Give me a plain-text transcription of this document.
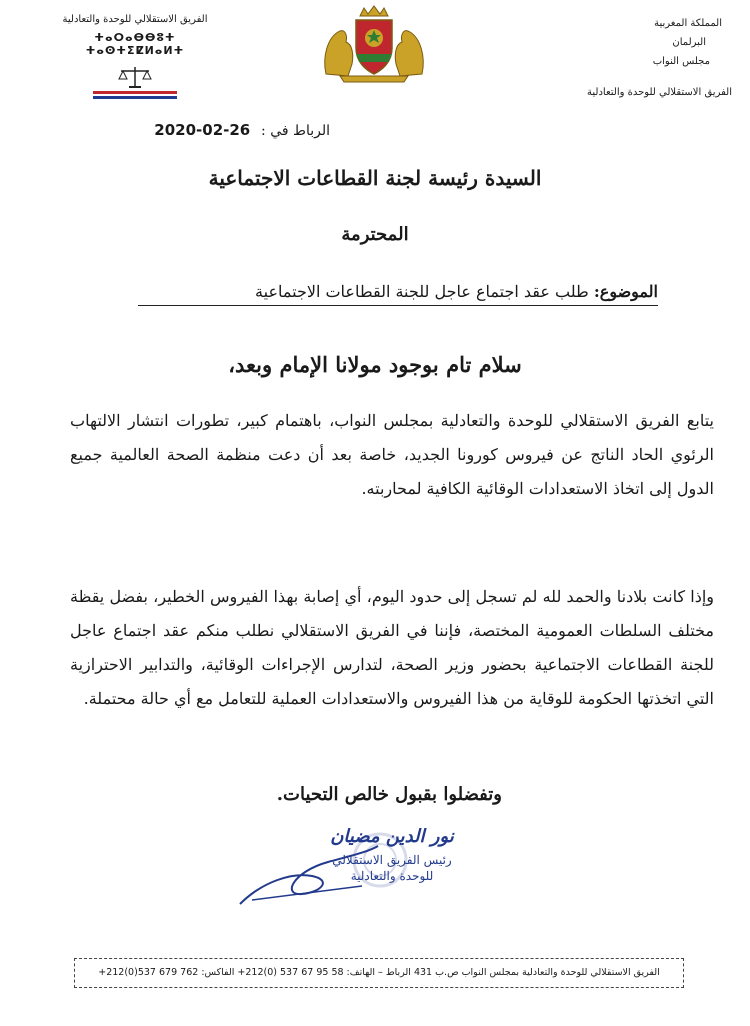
المملكة المغربية
البرلمان
مجلس النواب
الفريق الاستقلالي للوحدة والتعادلية
الفريق الاستقلالي للوحدة والتعادلية
ⵜⴰⵔⴰⴱⴱⵓⵜ ⵜⴰⵙⵜⵉⵇⵍⴰⵍⵜ
الرباط في : 2020-02-26
السيدة رئيسة لجنة القطاعات الاجتماعية
المحترمة
الموضوع: طلب عقد اجتماع عاجل للجنة القطاعات الاجتماعية
سلام تام بوجود مولانا الإمام وبعد،
يتابع الفريق الاستقلالي للوحدة والتعادلية بمجلس النواب، باهتمام كبير، تطورات انتشار الالتهاب الرئوي الحاد الناتج عن فيروس كورونا الجديد، خاصة بعد أن دعت منظمة الصحة العالمية جميع الدول إلى اتخاذ الاستعدادات الوقائية الكافية لمحاربته.
وإذا كانت بلادنا والحمد لله لم تسجل إلى حدود اليوم، أي إصابة بهذا الفيروس الخطير، بفضل يقظة مختلف السلطات العمومية المختصة، فإننا في الفريق الاستقلالي نطلب منكم عقد اجتماع عاجل للجنة القطاعات الاجتماعية بحضور وزير الصحة، لتدارس الإجراءات الوقائية، والتدابير الاحترازية التي اتخذتها الحكومة للوقاية من هذا الفيروس والاستعدادات العملية للتعامل مع أي حالة محتملة.
وتفضلوا بقبول خالص التحيات.
نور الدين مضيان
رئيس الفريق الاستقلالي
للوحدة والتعادلية
الفريق الاستقلالي للوحدة والتعادلية بمجلس النواب ص.ب 431 الرباط – الهاتف: 58 95 67 537 (0)212+ الفاكس: 762 679 537(0)212+
